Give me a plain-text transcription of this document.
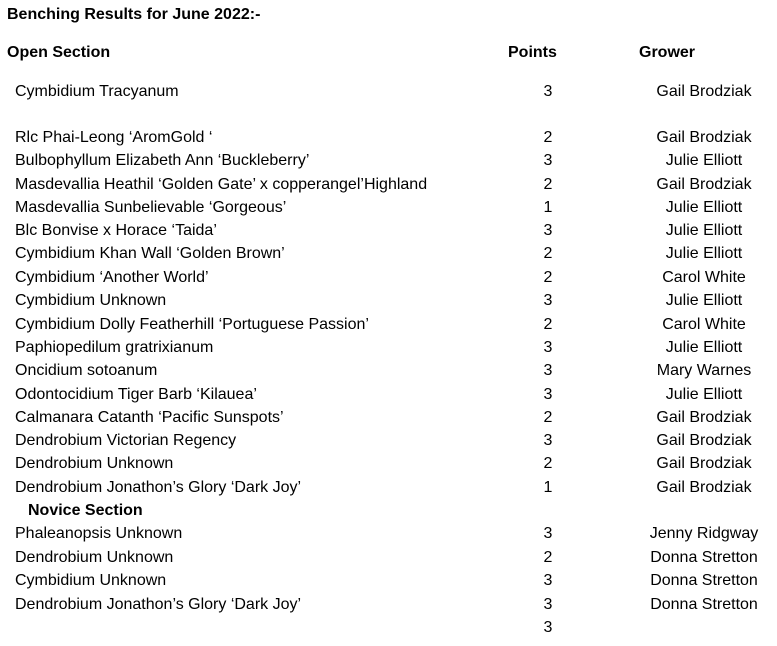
Benching Results for June 2022:-
Open Section	Points	Grower
Cymbidium Tracyanum	3	Gail Brodziak
Rlc Phai-Leong ‘AromGold ‘	2	Gail Brodziak
Bulbophyllum Elizabeth Ann ‘Buckleberry’	3	Julie Elliott
Masdevallia Heathil ‘Golden Gate’ x copperangel’Highland	2	Gail Brodziak
Masdevallia Sunbelievable ‘Gorgeous’	1	Julie Elliott
Blc Bonvise x Horace ‘Taida’	3	Julie Elliott
Cymbidium Khan Wall ‘Golden Brown’	2	Julie Elliott
Cymbidium ‘Another World’	2	Carol White
Cymbidium Unknown	3	Julie Elliott
Cymbidium Dolly Featherhill ‘Portuguese Passion’	2	Carol White
Paphiopedilum gratrixianum	3	Julie Elliott
Oncidium sotoanum	3	Mary Warnes
Odontocidium Tiger Barb ‘Kilauea’	3	Julie Elliott
Calmanara Catanth ‘Pacific Sunspots’	2	Gail Brodziak
Dendrobium Victorian Regency	3	Gail Brodziak
Dendrobium Unknown	2	Gail Brodziak
Dendrobium Jonathon’s Glory ‘Dark Joy’	1	Gail Brodziak
Novice Section
Phaleanopsis Unknown	3	Jenny Ridgway
Dendrobium Unknown	2	Donna Stretton
Cymbidium Unknown	3	Donna Stretton
Dendrobium Jonathon’s Glory ‘Dark Joy’	3	Donna Stretton
3
